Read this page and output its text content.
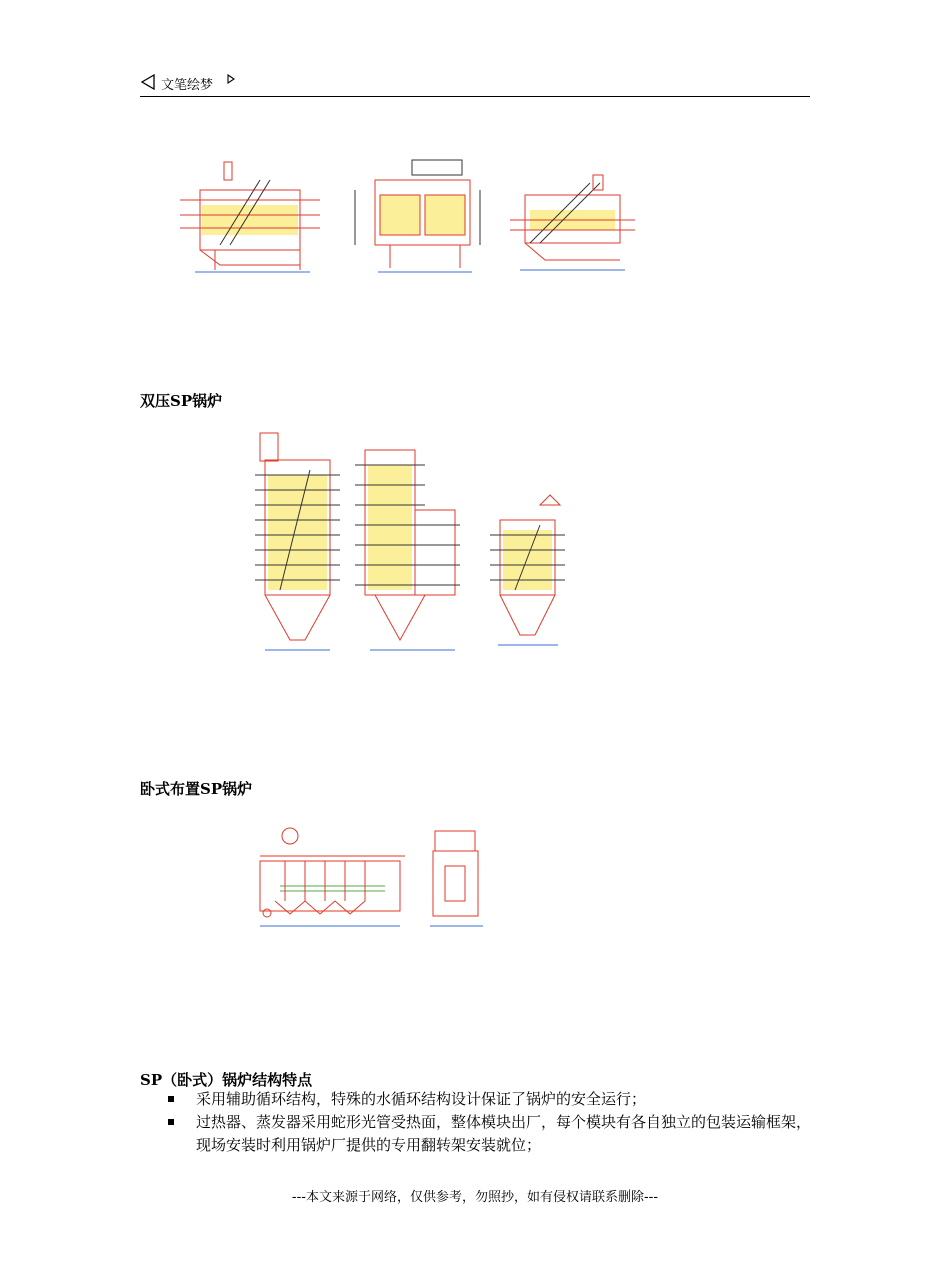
文笔绘梦
双压SP锅炉
卧式布置SP锅炉
SP（卧式）锅炉结构特点
采用辅助循环结构，特殊的水循环结构设计保证了锅炉的安全运行；
过热器、蒸发器采用蛇形光管受热面，整体模块出厂，每个模块有各自独立的包装运输框架，现场安装时利用锅炉厂提供的专用翻转架安装就位；
---本文来源于网络，仅供参考，勿照抄，如有侵权请联系删除---
